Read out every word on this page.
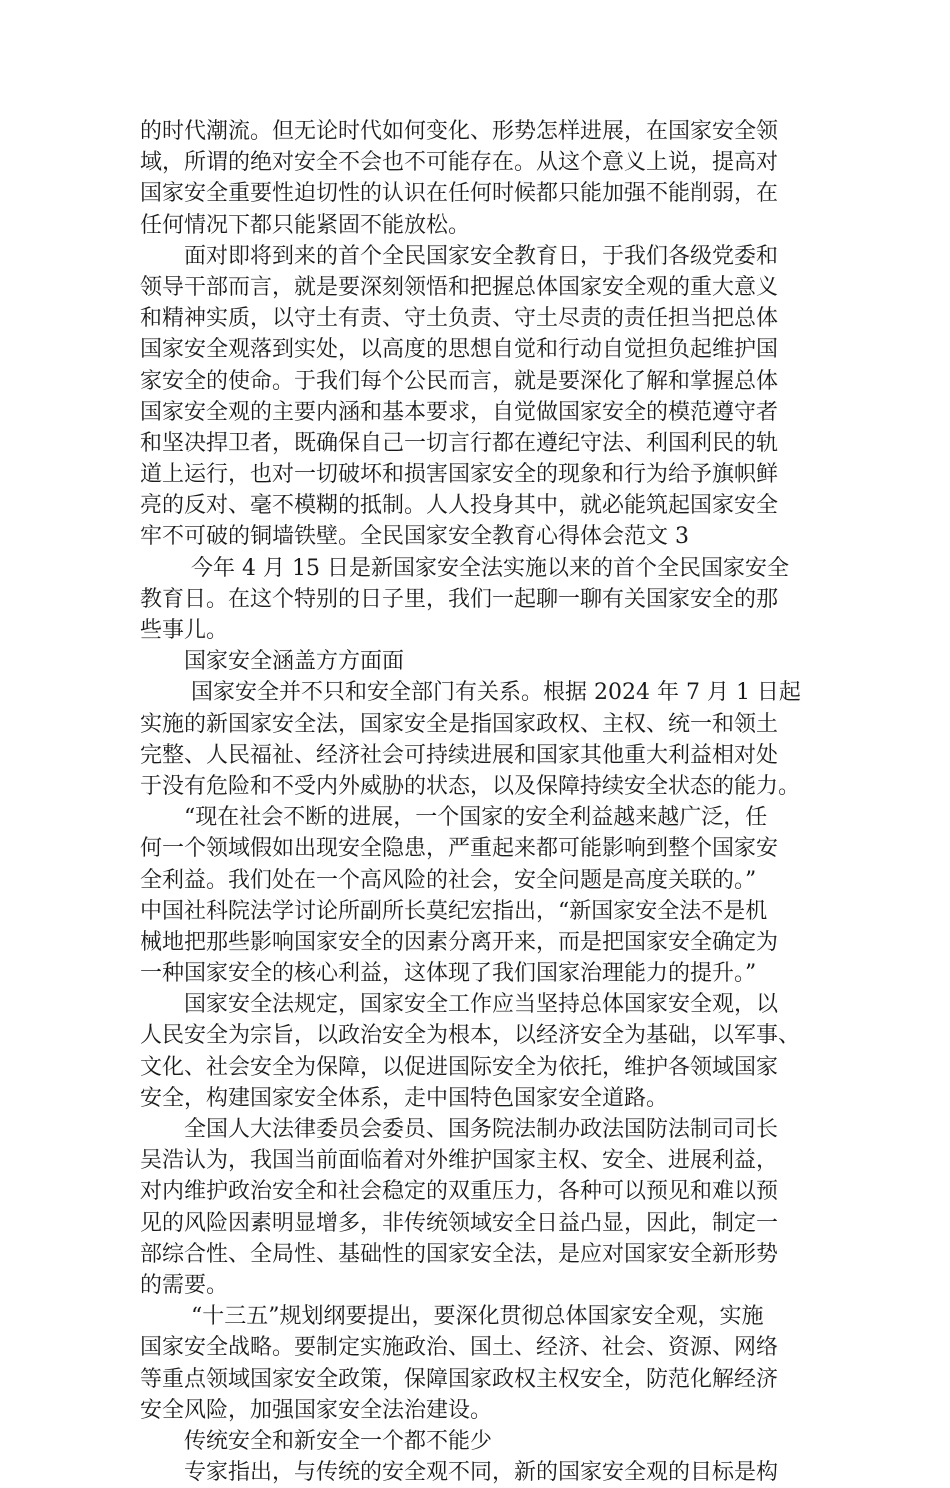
的时代潮流。但无论时代如何变化、形势怎样进展，在国家安全领
域，所谓的绝对安全不会也不可能存在。从这个意义上说，提高对
国家安全重要性迫切性的认识在任何时候都只能加强不能削弱，在
任何情况下都只能紧固不能放松。
　　面对即将到来的首个全民国家安全教育日，于我们各级党委和
领导干部而言，就是要深刻领悟和把握总体国家安全观的重大意义
和精神实质，以守土有责、守土负责、守土尽责的责任担当把总体
国家安全观落到实处，以高度的思想自觉和行动自觉担负起维护国
家安全的使命。于我们每个公民而言，就是要深化了解和掌握总体
国家安全观的主要内涵和基本要求，自觉做国家安全的模范遵守者
和坚决捍卫者，既确保自己一切言行都在遵纪守法、利国利民的轨
道上运行，也对一切破坏和损害国家安全的现象和行为给予旗帜鲜
亮的反对、毫不模糊的抵制。人人投身其中，就必能筑起国家安全
牢不可破的铜墙铁壁。全民国家安全教育心得体会范文 3
　　 今年 4 月 15 日是新国家安全法实施以来的首个全民国家安全
教育日。在这个特别的日子里，我们一起聊一聊有关国家安全的那
些事儿。
　　国家安全涵盖方方面面
　　 国家安全并不只和安全部门有关系。根据 2024 年 7 月 1 日起
实施的新国家安全法，国家安全是指国家政权、主权、统一和领土
完整、人民福祉、经济社会可持续进展和国家其他重大利益相对处
于没有危险和不受内外威胁的状态，以及保障持续安全状态的能力。
　　“现在社会不断的进展，一个国家的安全利益越来越广泛，任
何一个领域假如出现安全隐患，严重起来都可能影响到整个国家安
全利益。我们处在一个高风险的社会，安全问题是高度关联的。”
中国社科院法学讨论所副所长莫纪宏指出，“新国家安全法不是机
械地把那些影响国家安全的因素分离开来，而是把国家安全确定为
一种国家安全的核心利益，这体现了我们国家治理能力的提升。”
　　国家安全法规定，国家安全工作应当坚持总体国家安全观，以
人民安全为宗旨，以政治安全为根本，以经济安全为基础，以军事、
文化、社会安全为保障，以促进国际安全为依托，维护各领域国家
安全，构建国家安全体系，走中国特色国家安全道路。
　　全国人大法律委员会委员、国务院法制办政法国防法制司司长
吴浩认为，我国当前面临着对外维护国家主权、安全、进展利益，
对内维护政治安全和社会稳定的双重压力，各种可以预见和难以预
见的风险因素明显增多，非传统领域安全日益凸显，因此，制定一
部综合性、全局性、基础性的国家安全法，是应对国家安全新形势
的需要。
　　 “十三五”规划纲要提出，要深化贯彻总体国家安全观，实施
国家安全战略。要制定实施政治、国土、经济、社会、资源、网络
等重点领域国家安全政策，保障国家政权主权安全，防范化解经济
安全风险，加强国家安全法治建设。
　　传统安全和新安全一个都不能少
　　专家指出，与传统的安全观不同，新的国家安全观的目标是构
